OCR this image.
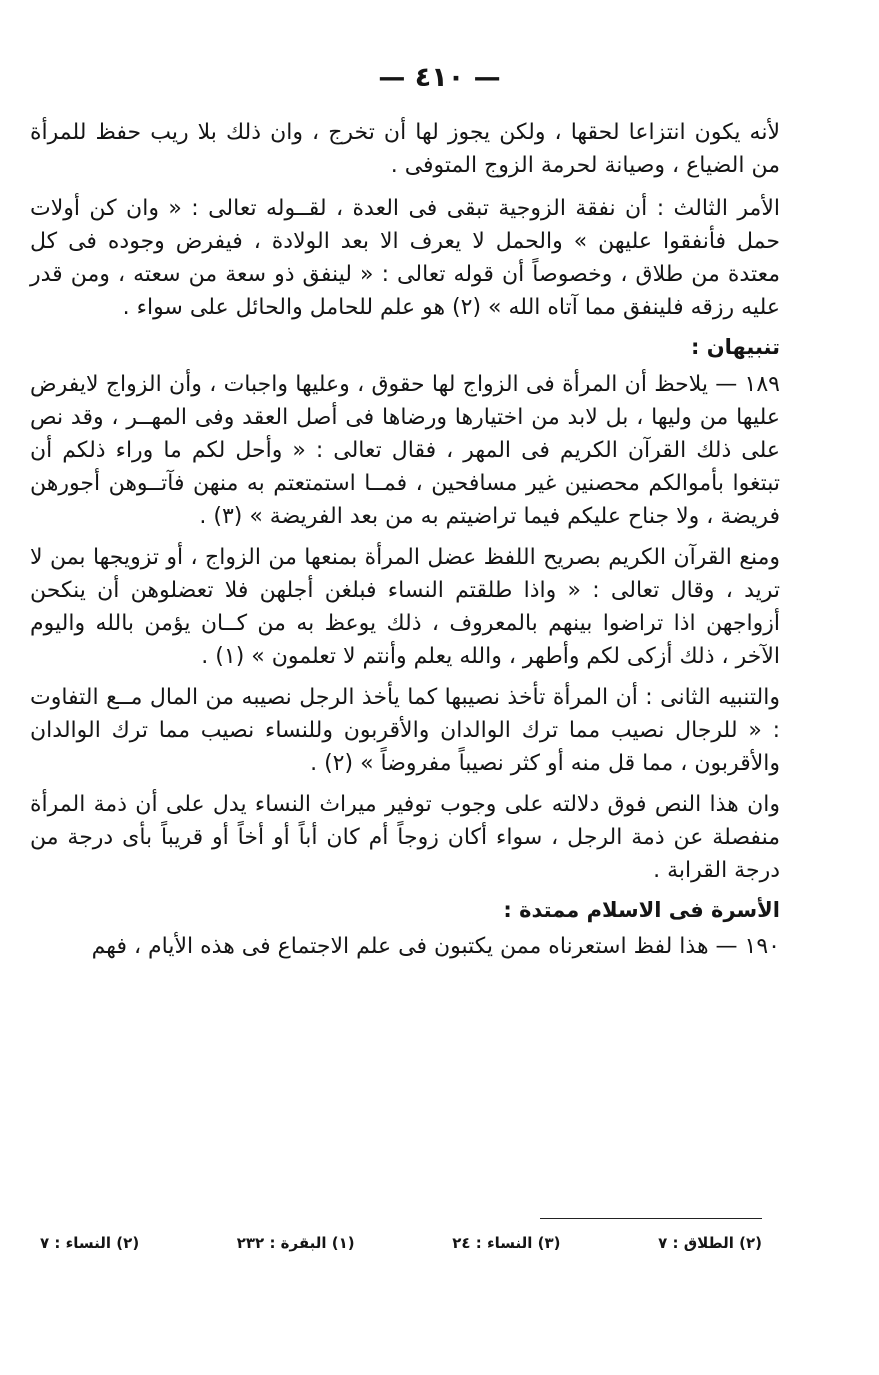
— ٤١٠ —

لأنه يكون انتزاعا لحقها ، ولكن يجوز لها أن تخرج ، وان ذلك بلا ريب حفظ للمرأة من الضياع ، وصيانة لحرمة الزوج المتوفى .

الأمر الثالث : أن نفقة الزوجية تبقى فى العدة ، لقــوله تعالى : « وان كن أولات حمل فأنفقوا عليهن » والحمل لا يعرف الا بعد الولادة ، فيفرض وجوده فى كل معتدة من طلاق ، وخصوصاً أن قوله تعالى : « لينفق ذو سعة من سعته ، ومن قدر عليه رزقه فلينفق مما آتاه الله » (٢) هو علم للحامل والحائل على سواء .

تنبيهان :

١٨٩ — يلاحظ أن المرأة فى الزواج لها حقوق ، وعليها واجبات ، وأن الزواج لايفرض عليها من وليها ، بل لابد من اختيارها ورضاها فى أصل العقد وفى المهــر ، وقد نص على ذلك القرآن الكريم فى المهر ، فقال تعالى : « وأحل لكم ما وراء ذلكم أن تبتغوا بأموالكم محصنين غير مسافحين ، فمــا استمتعتم به منهن فآتــوهن أجورهن فريضة ، ولا جناح عليكم فيما تراضيتم به من بعد الفريضة » (٣) .

ومنع القرآن الكريم بصريح اللفظ عضل المرأة بمنعها من الزواج ، أو تزويجها بمن لا تريد ، وقال تعالى : « واذا طلقتم النساء فبلغن أجلهن فلا تعضلوهن أن ينكحن أزواجهن اذا تراضوا بينهم بالمعروف ، ذلك يوعظ به من كــان يؤمن بالله واليوم الآخر ، ذلك أزكى لكم وأطهر ، والله يعلم وأنتم لا تعلمون » (١) .

والتنبيه الثانى : أن المرأة تأخذ نصيبها كما يأخذ الرجل نصيبه من المال مــع التفاوت : « للرجال نصيب مما ترك الوالدان والأقربون وللنساء نصيب مما ترك الوالدان والأقربون ، مما قل منه أو كثر نصيباً مفروضاً » (٢) .

وان هذا النص فوق دلالته على وجوب توفير ميراث النساء يدل على أن ذمة المرأة منفصلة عن ذمة الرجل ، سواء أكان زوجاً أم كان أباً أو أخاً أو قريباً بأى درجة من درجة القرابة .

الأسرة فى الاسلام ممتدة :

١٩٠ — هذا لفظ استعرناه ممن يكتبون فى علم الاجتماع فى هذه الأيام ، فهم

(٢) الطلاق : ٧
(٣) النساء : ٢٤
(١) البقرة : ٢٣٢
(٢) النساء : ٧
